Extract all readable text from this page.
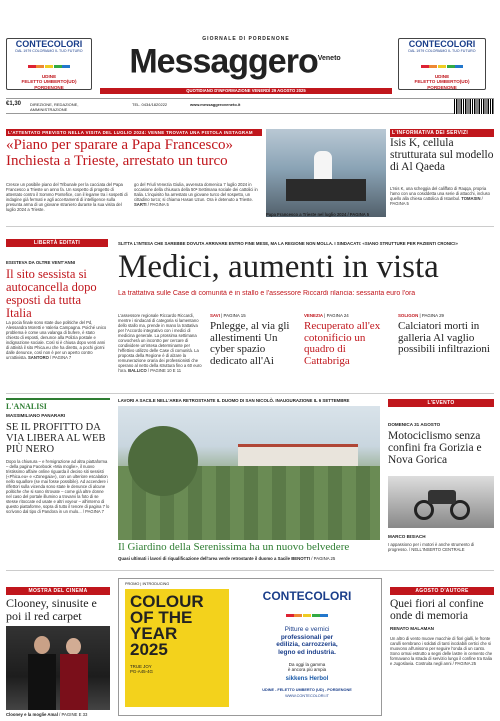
CONTECOLORI
DAL 1979 COLORIAMO IL TUO FUTURO
UDINE
FELETTO UMBERTO(UD)
PORDENONE
CONTECOLORI
DAL 1979 COLORIAMO IL TUO FUTURO
UDINE
FELETTO UMBERTO(UD)
PORDENONE
GIORNALE DI PORDENONE
Messaggero$^{Veneto}$
QUOTIDIANO D'INFORMAZIONE VENERDÌ 29 AGOSTO 2025
€1,30 DIREZIONE, REDAZIONE, AMMINISTRAZIONE
TEL. 0434/1820222	www.messaggeroveneto.it
L'ATTENTATO PREVISTO NELLA VISITA DEL LUGLIO 2024: VENNE TROVATA UNA PISTOLA INSTAGRAM
«Piano per sparare a Papa Francesco» Inchiesta a Trieste, arrestato un turco
Cresce un posibile piano del Tribunale per la cacciata del Papa Francesco a Trieste un anno fa. Un sospetto di progetto di attentato contro il Sommo Pontefice, con il legame tra i sospetti di indagine già fermati e agli accertamenti di intelligence sulla presunta arma di un giovane straniero durante la sua visita del luglio 2024 a Trieste.
go del Friuli Venezia Giulia, avvenuta domenica 7 luglio 2024 in occasione della chiusura della 50ª Settimana sociale dei cattolici in Italia. L'inquisito ha arrestato un giovane turco del sospetto, un cittadino turco; si chiama Hasan Uzun. Ora è detenuto a Trieste. SARTI / PAGINA 5
Papa Francesco a Trieste nel luglio 2024 / PAGINA 5
L'INFORMATIVA DEI SERVIZI
Isis K, cellula strutturata sul modello di Al Qaeda
L'Isis K, una scheggia del califfato di Raqqa, propria l'amo con una cosiddetta una serie di attacchi, incluso quello alla chiesa cattolica di Istanbul. TOMASIN / PAGINA 5
LIBERTÀ EDITATI
ESISTEVA DA OLTRE VENT'ANNI
Il sito sessista si autocancella dopo esposti da tutta Italia
La pocia finale sono state due politiche del Pd, Alessandra Moretti e Valeria Campagna. Poiché unico problema è come una valanga di bufere, è stato chiesto di esposti, denunce alla Polizia postale e indignazione sociale. Così si è chiusa dopo venti anni di attività il sito Phica.eu che ha diretto, a pochi giorni dalle denunce, così non è per un aperto contro un'attivista. SANTORO / PAGINA 7
SLITTA L'INTESA CHE SAREBBE DOVUTA ARRIVARE ENTRO FINE MESE, MA LA REGIONE NON MOLLA. I SINDACATI: «SIANO STRUTTURE PER PAZIENTI CRONICI»
Medici, aumenti in vista
La trattativa sulle Case di comunità è in stallo e l'assessore Riccardi rilancia: sessanta euro l'ora
L'assessore regionale Riccardo Riccardi, mentre i sindacati di categoria si lamentano dello stallo ma, prende in mano la trattativa per l'Accordo integrativo con i medici di medicina generale. La prossima settimana convocherà un incontro per cercare di condividere un'intesa determinante per l'effettivo utilizzo delle Case di comunità. La proposta della Regione è di alzare la remunerazione oraria dei professionisti che operano al netto della struttura fino a 60 euro l'ora. BALLICO / PAGINE 10 E 11
SAVI | PAGINA 15
Pnlegge, al via gli allestimenti Un cyber spazio dedicato all'Ai
VENEZIA | PAGINA 24
Recuperato all'ex cotonificio un quadro di Cattabriga
SOLIGON | PAGINA 29
Calciatori morti in galleria Al vaglio possibili infiltrazioni
L'ANALISI
MASSIMILIANO PANARARI
SE IL PROFITTO DA VIA LIBERA AL WEB PIÙ NERO
Dopo la chiusura – e l'emigrazione ad altra piattaforma – della pagina Facebook «Mia moglie», il nuovo tristissimo affaire online riguarda il deciso siti sessisti («Phica.eu» e «Zonegaia»), con un ulteriore escalation nello squallore (se mai fosse possibile). Ad accendere i riflettori sulla vicenda sono state le denunce di alcune politiche che si sono ritrovate – come già altre donne nel caso del portale illumino a trovarvi la foto di se stesse ritoccate ed usate e altri voyeur – all'interno di questo piattaforme, sopra di tutto il tenore di pagina 7 lo scrivono dal tipo di Pandora in un mulo... / PAGINA 7
LAVORI A SACILE NELL'AREA RETROSTANTE IL DUOMO DI SAN NICOLÒ. INAUGURAZIONE IL 6 SETTEMBRE
Il Giardino della Serenissima ha un nuovo belvedere
Quasi ultimati i lavori di riqualificazione dell'area verde retrostante il duomo a Sacile BENOTTI / PAGINA 25
L'EVENTO
DOMENICA 31 AGOSTO
Motociclismo senza confini fra Gorizia e Nova Gorica
MARCO BISIACH
I appassiono per i motori è anche strumento di progresso. / NELL'INSERTO CENTRALE
MOSTRA DEL CINEMA
Clooney, sinusite e poi il red carpet
Clooney e la moglie Amal / PAGINE E 33
PROMO | INTRODUCING
COLOUR
OF THE
YEAR
2025
TRUE JOY
PG-A45-4G
CONTECOLORI
Pitture e vernici
professionali per
edilizia, carrozzeria,
legno ed industria.
Da oggi la gamma
è ancora più ampia
sikkens Herbol
UDINE - FELETTO UMBERTO (UD) - PORDENONE
WWW.CONTECOLORI.IT
AGOSTO D'AUTORE
Quei fiori al confine onde di memoria
RENATO MALAMAN
Un altro di vento muove macchie di fiori gialli, le fronte carulli sembrano i soldati di tanti incolabili certici che si muovono all'unisono per seguire l'onda di un canto. Sono ormai estrutto a segni delle lastre in cemento che formavano la strada di servizio lungo il confine tra Italia e Jugoslavia. Costruita negli anni / PAGINA 25
